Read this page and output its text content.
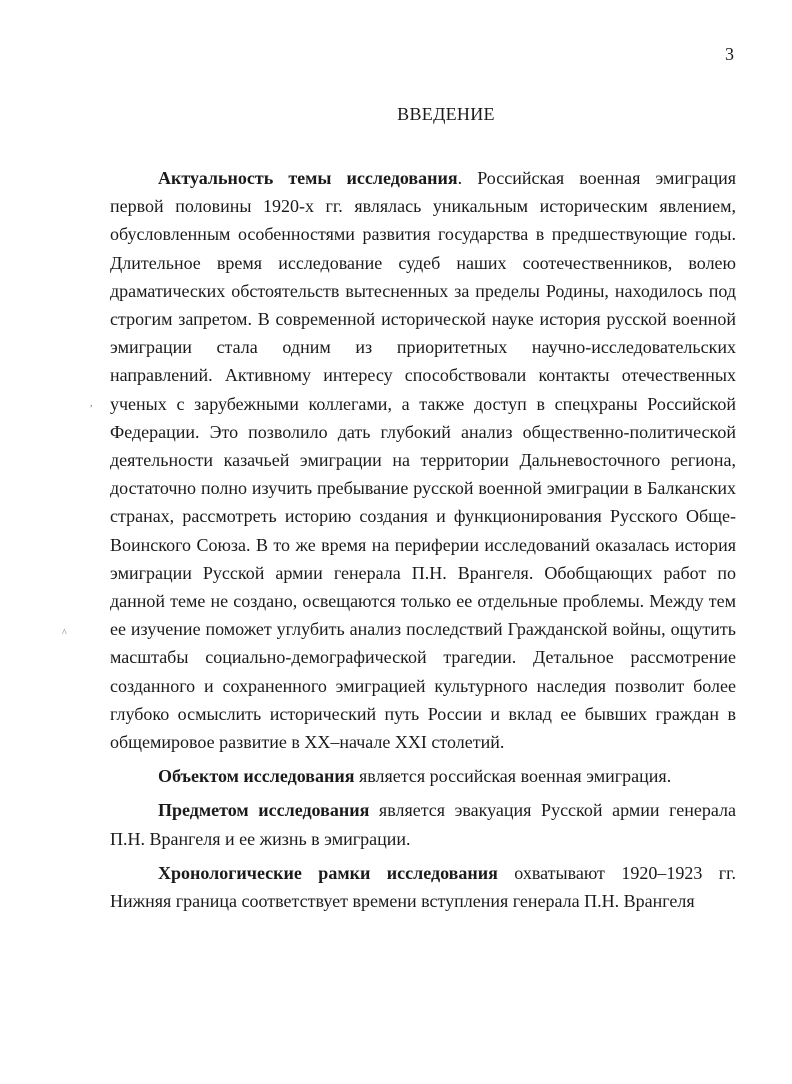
3
ВВЕДЕНИЕ

Актуальность темы исследования. Российская военная эмиграция первой половины 1920-х гг. являлась уникальным историческим явлением, обусловленным особенностями развития государства в предшествующие годы. Длительное время исследование судеб наших соотечественников, волею драматических обстоятельств вытесненных за пределы Родины, находилось под строгим запретом. В современной исторической науке история русской военной эмиграции стала одним из приоритетных научно-исследовательских направлений. Активному интересу способствовали контакты отечественных ученых с зарубежными коллегами, а также доступ в спецхраны Российской Федерации. Это позволило дать глубокий анализ общественно-политической деятельности казачьей эмиграции на территории Дальневосточного региона, достаточно полно изучить пребывание русской военной эмиграции в Балканских странах, рассмотреть историю создания и функционирования Русского Обще-Воинского Союза. В то же время на периферии исследований оказалась история эмиграции Русской армии генерала П.Н. Врангеля. Обобщающих работ по данной теме не создано, освещаются только ее отдельные проблемы. Между тем ее изучение поможет углубить анализ последствий Гражданской войны, ощутить масштабы социально-демографической трагедии. Детальное рассмотрение созданного и сохраненного эмиграцией культурного наследия позволит более глубоко осмыслить исторический путь России и вклад ее бывших граждан в общемировое развитие в XX–начале XXI столетий.

Объектом исследования является российская военная эмиграция.

Предметом исследования является эвакуация Русской армии генерала П.Н. Врангеля и ее жизнь в эмиграции.

Хронологические рамки исследования охватывают 1920–1923 гг. Нижняя граница соответствует времени вступления генерала П.Н. Врангеля

,
^
